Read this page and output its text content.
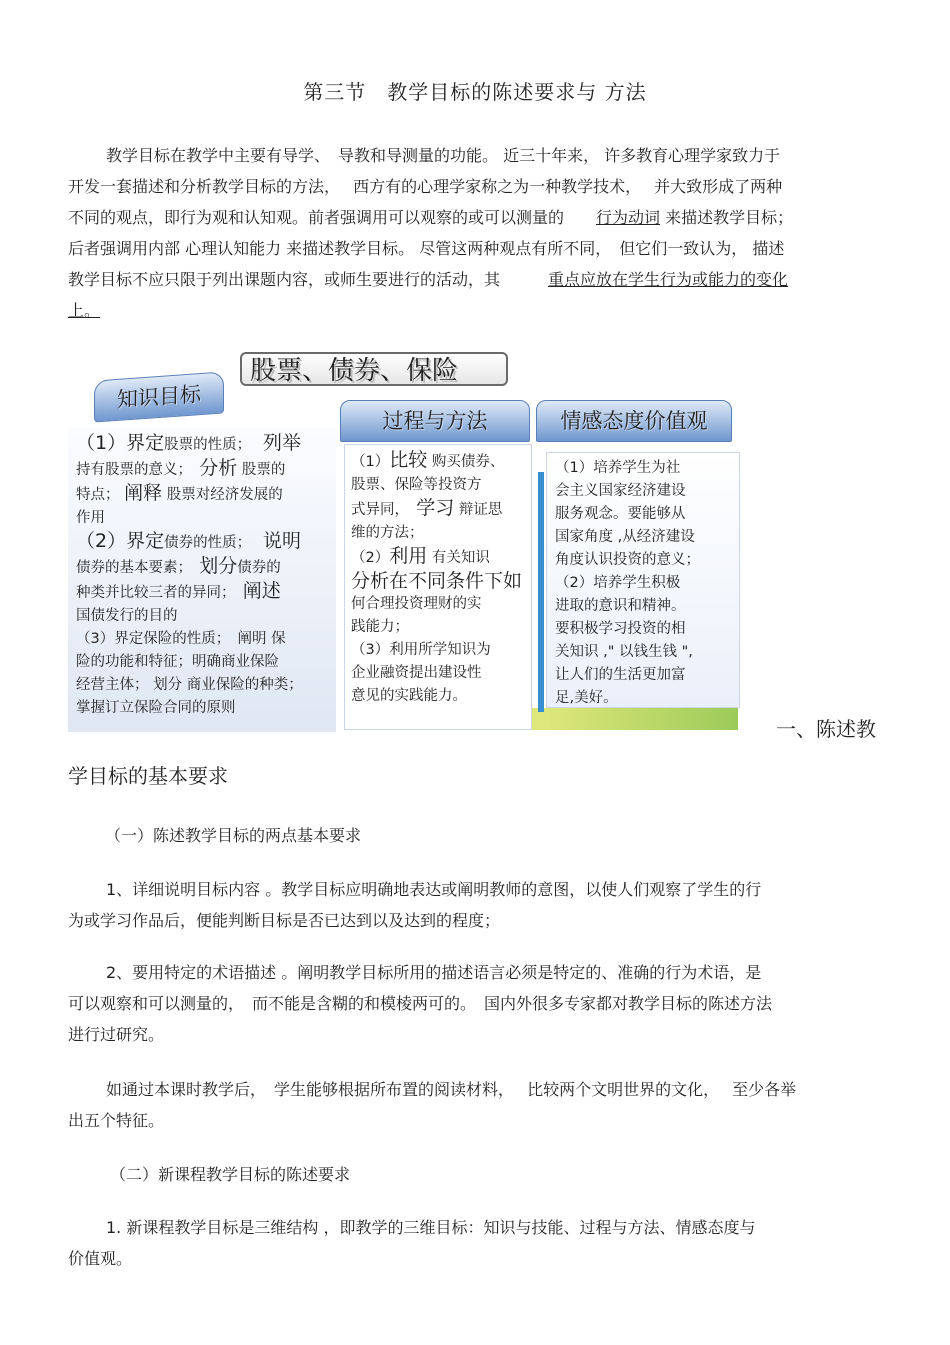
第三节　教学目标的陈述要求与 方法
教学目标在教学中主要有导学、　导教和导测量的功能。 近三十年来， 许多教育心理学家致力于
开发一套描述和分析教学目标的方法，　 西方有的心理学家称之为一种教学技术，　 并大致形成了两种
不同的观点，即行为观和认知观。前者强调用可以观察的或可以测量的　　行为动词 来描述教学目标；
后者强调用内部 心理认知能力 来描述教学目标。 尽管这两种观点有所不同，　但它们一致认为， 描述
教学目标不应只限于列出课题内容，或师生要进行的活动，其　　　重点应放在学生行为或能力的变化
上。
股票、债券、保险
知识目标
过程与方法	情感态度价值观
（1）界定股票的性质；　 列举
持有股票的意义；　 分析 股票的
特点； 阐释 股票对经济发展的
作用
（2）界定债券的性质；　 说明
债券的基本要素；　 划分债券的
种类并比较三者的异同；　 阐述
国债发行的目的
（3）界定保险的性质；　阐明 保
险的功能和特征；明确商业保险
经营主体； 划分 商业保险的种类；
掌握订立保险合同的原则
（1）比较 购买债券、
股票、保险等投资方
式异同，　 学习 辩证思
维的方法；
（2）利用 有关知识
分析在不同条件下如
何合理投资理财的实
践能力；
（3）利用所学知识为
企业融资提出建设性
意见的实践能力。
（1）培养学生为社
会主义国家经济建设
服务观念。要能够从
国家角度 ,从经济建设
角度认识投资的意义；
（2）培养学生积极
进取的意识和精神。
要积极学习投资的相
关知识 ," 以钱生钱 ",
让人们的生活更加富
足,美好。
一、陈述教
学目标的基本要求
（一）陈述教学目标的两点基本要求
1、详细说明目标内容 。教学目标应明确地表达或阐明教师的意图，以使人们观察了学生的行
为或学习作品后，便能判断目标是否已达到以及达到的程度；
2、要用特定的术语描述 。阐明教学目标所用的描述语言必须是特定的、准确的行为术语，是
可以观察和可以测量的，　而不能是含糊的和模棱两可的。　国内外很多专家都对教学目标的陈述方法
进行过研究。
如通过本课时教学后，　学生能够根据所布置的阅读材料，　 比较两个文明世界的文化，　 至少各举
出五个特征。
（二）新课程教学目标的陈述要求
1. 新课程教学目标是三维结构 ，即教学的三维目标：知识与技能、过程与方法、情感态度与
价值观。
